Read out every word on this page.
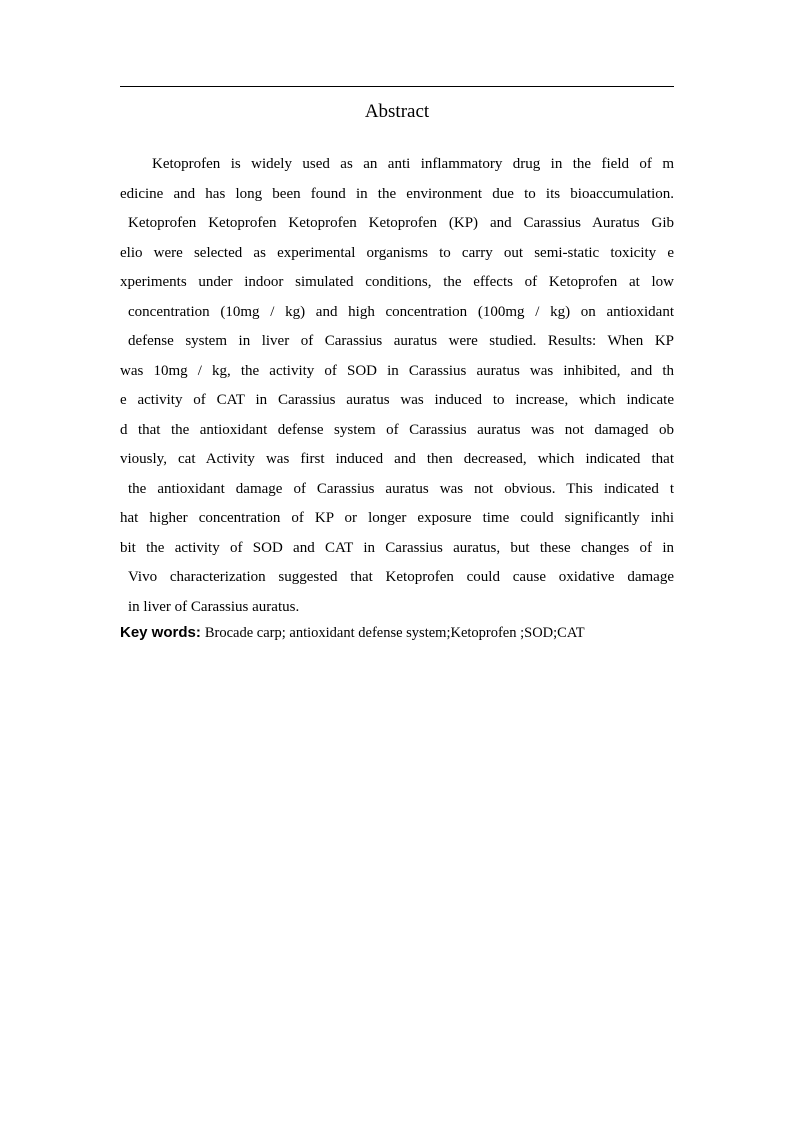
Abstract
Ketoprofen is widely used as an anti inflammatory drug in the field of m
edicine and has long been found in the environment due to its bioaccumulation.
Ketoprofen Ketoprofen Ketoprofen Ketoprofen (KP) and Carassius Auratus Gib
elio were selected as experimental organisms to carry out semi-static toxicity e
xperiments under indoor simulated conditions, the effects of Ketoprofen at low
concentration (10mg / kg) and high concentration (100mg / kg) on antioxidant
defense system in liver of Carassius auratus were studied. Results: When KP
was 10mg / kg, the activity of SOD in Carassius auratus was inhibited, and th
e activity of CAT in Carassius auratus was induced to increase, which indicate
d that the antioxidant defense system of Carassius auratus was not damaged ob
viously, cat Activity was first induced and then decreased, which indicated that
the antioxidant damage of Carassius auratus was not obvious. This indicated t
hat higher concentration of KP or longer exposure time could significantly inhi
bit the activity of SOD and CAT in Carassius auratus, but these changes of in
Vivo characterization suggested that Ketoprofen could cause oxidative damage
in liver of Carassius auratus.
Key words: Brocade carp; antioxidant defense system;Ketoprofen ;SOD;CAT
